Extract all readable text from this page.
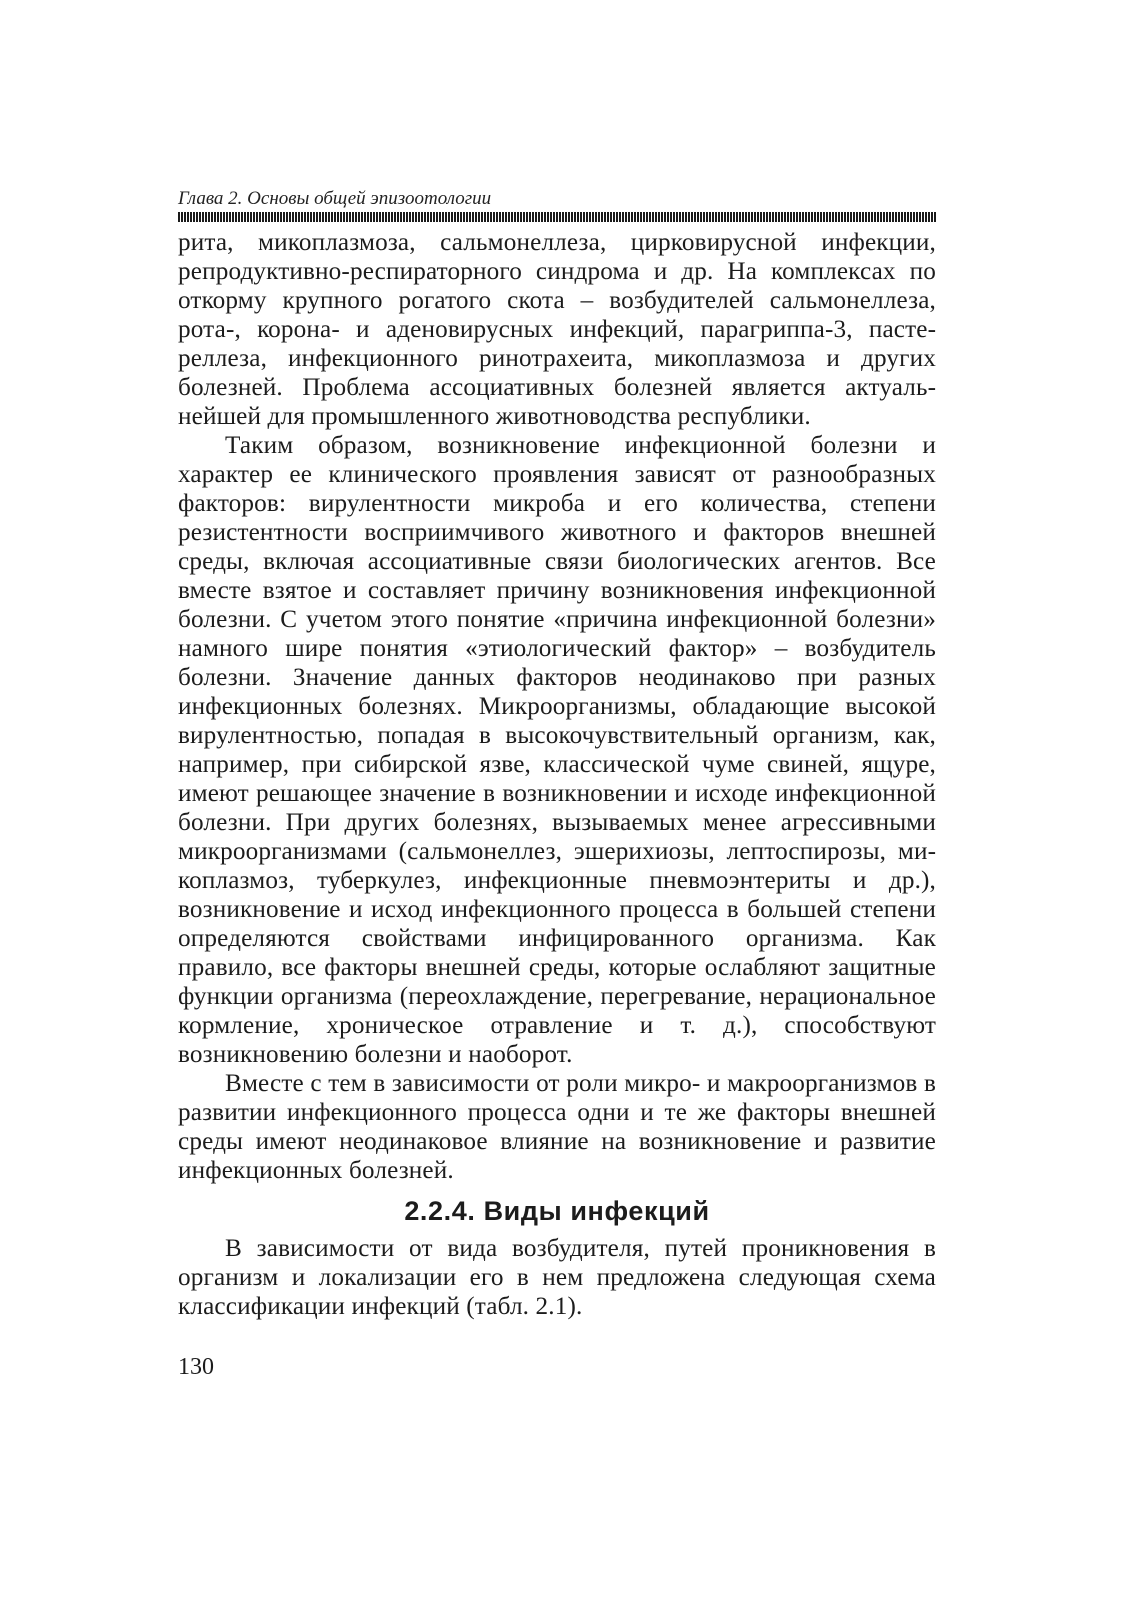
Глава 2. Основы общей эпизоотологии

рита, микоплазмоза, сальмонеллеза, цирковирусной инфекции, репродуктивно-респираторного синдрома и др. На комплексах по откорму крупного рогатого скота – возбудителей сальмонеллеза, рота-, корона- и аденовирусных инфекций, парагриппа-3, пастереллеза, инфекционного ринотрахеита, микоплазмоза и других болезней. Проблема ассоциативных болезней является актуальнейшей для промышленного животноводства республики.

Таким образом, возникновение инфекционной болезни и характер ее клинического проявления зависят от разнообразных факторов: вирулентности микроба и его количества, степени резистентности восприимчивого животного и факторов внешней среды, включая ассоциативные связи биологических агентов. Все вместе взятое и составляет причину возникновения инфекционной болезни. С учетом этого понятие «причина инфекционной болезни» намного шире понятия «этиологический фактор» – возбудитель болезни. Значение данных факторов неодинаково при разных инфекционных болезнях. Микроорганизмы, обладающие высокой вирулентностью, попадая в высокочувствительный организм, как, например, при сибирской язве, классической чуме свиней, ящуре, имеют решающее значение в возникновении и исходе инфекционной болезни. При других болезнях, вызываемых менее агрессивными микроорганизмами (сальмонеллез, эшерихиозы, лептоспирозы, микоплазмоз, туберкулез, инфекционные пневмоэнтериты и др.), возникновение и исход инфекционного процесса в большей степени определяются свойствами инфицированного организма. Как правило, все факторы внешней среды, которые ослабляют защитные функции организма (переохлаждение, перегревание, нерациональное кормление, хроническое отравление и т. д.), способствуют возникновению болезни и наоборот.

Вместе с тем в зависимости от роли микро- и макроорганизмов в развитии инфекционного процесса одни и те же факторы внешней среды имеют неодинаковое влияние на возникновение и развитие инфекционных болезней.

2.2.4. Виды инфекций

В зависимости от вида возбудителя, путей проникновения в организм и локализации его в нем предложена следующая схема классификации инфекций (табл. 2.1).

130
